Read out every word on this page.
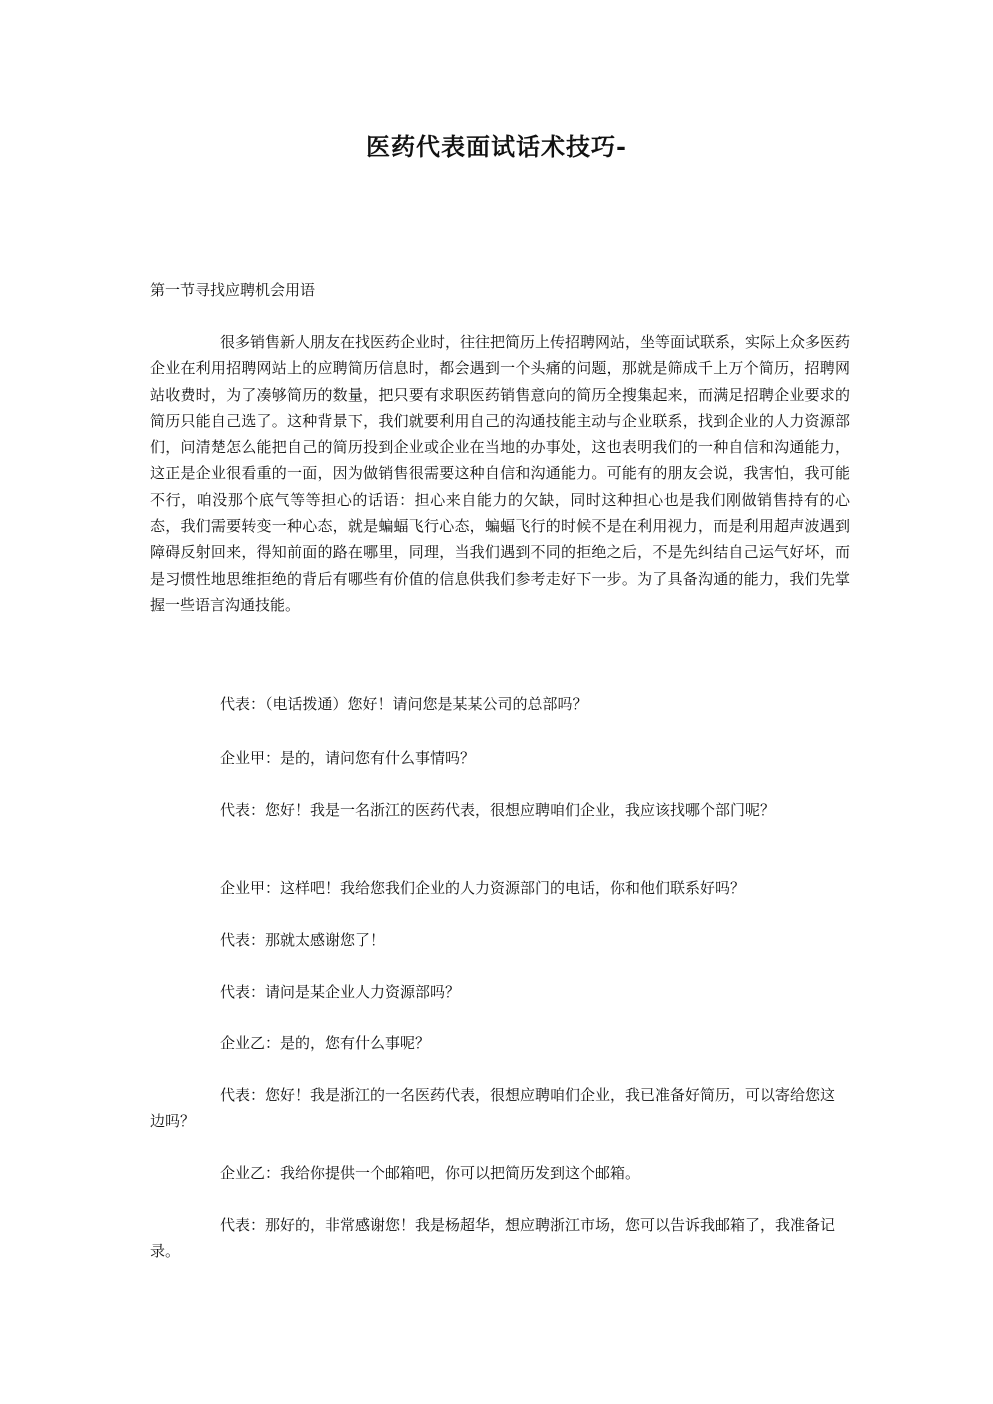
医药代表面试话术技巧-
第一节寻找应聘机会用语

很多销售新人朋友在找医药企业时，往往把简历上传招聘网站，坐等面试联系，实际上众多医药企业在利用招聘网站上的应聘简历信息时，都会遇到一个头痛的问题，那就是筛成千上万个简历，招聘网站收费时，为了凑够简历的数量，把只要有求职医药销售意向的简历全搜集起来，而满足招聘企业要求的简历只能自己选了。这种背景下，我们就要利用自己的沟通技能主动与企业联系，找到企业的人力资源部们，问清楚怎么能把自己的简历投到企业或企业在当地的办事处，这也表明我们的一种自信和沟通能力，这正是企业很看重的一面，因为做销售很需要这种自信和沟通能力。可能有的朋友会说，我害怕，我可能不行，咱没那个底气等等担心的话语：担心来自能力的欠缺，同时这种担心也是我们刚做销售持有的心态，我们需要转变一种心态，就是蝙蝠飞行心态，蝙蝠飞行的时候不是在利用视力，而是利用超声波遇到障碍反射回来，得知前面的路在哪里，同理，当我们遇到不同的拒绝之后，不是先纠结自己运气好坏，而是习惯性地思维拒绝的背后有哪些有价值的信息供我们参考走好下一步。为了具备沟通的能力，我们先掌握一些语言沟通技能。

代表：（电话拨通）您好！请问您是某某公司的总部吗？

企业甲：是的，请问您有什么事情吗？

代表：您好！我是一名浙江的医药代表，很想应聘咱们企业，我应该找哪个部门呢？

企业甲：这样吧！我给您我们企业的人力资源部门的电话，你和他们联系好吗？

代表：那就太感谢您了！

代表：请问是某企业人力资源部吗？

企业乙：是的，您有什么事呢？

代表：您好！我是浙江的一名医药代表，很想应聘咱们企业，我已准备好简历，可以寄给您这边吗？

企业乙：我给你提供一个邮箱吧，你可以把简历发到这个邮箱。

代表：那好的，非常感谢您！我是杨超华，想应聘浙江市场，您可以告诉我邮箱了，我准备记录。
